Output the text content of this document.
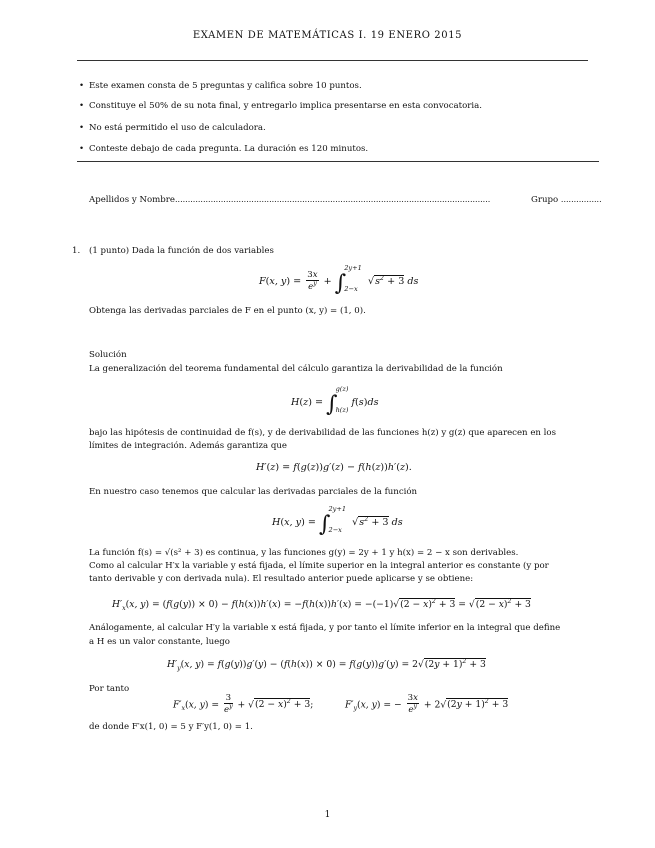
EXAMEN DE MATEMÁTICAS I. 19 ENERO 2015
• Este examen consta de 5 preguntas y califica sobre 10 puntos.
• Constituye el 50% de su nota final, y entregarlo implica presentarse en esta convocatoria.
• No está permitido el uso de calculadora.
• Conteste debajo de cada pregunta. La duración es 120 minutos.
Apellidos y Nombre............................................................................................................................	Grupo ................
1. (1 punto) Dada la función de dos variables
F(x, $y) = \frac{3x}{e^y}$ + ∫
2y+1
2−x
$√s^2 + 3$ ds
Obtenga las derivadas parciales de F en el punto (x, y) = (1, 0).
Solución
La generalización del teorema fundamental del cálculo garantiza la derivabilidad de la función
H(z) = ∫
g(z)
h(z)
f(s)ds
bajo las hipótesis de continuidad de f(s), y de derivabilidad de las funciones h(z) y g(z) que aparecen en los
límites de integración. Además garantiza que
H′(z) = f(g(z))g′(z) − f(h(z))h′(z).
En nuestro caso tenemos que calcular las derivadas parciales de la función
H(x, y) = ∫
2y+1
2−x
$√s^2 + 3$ ds
La función f(s) = √(s² + 3) es continua, y las funciones g(y) = 2y + 1 y h(x) = 2 − x son derivables.
Como al calcular H′x la variable y está fijada, el límite superior en la integral anterior es constante (y por
tanto derivable y con derivada nula). El resultado anterior puede aplicarse y se obtiene:
$H'_x(x$, $y) = (f(g(y)) \times 0) - f(h(x))h'(x) = -f(h(x))h'(x) = -(-1)√(2 - x)^2 + 3 = √(2 - x)^2 + 3$
Análogamente, al calcular H′y la variable x está fijada, y por tanto el límite inferior en la integral que define
a H es un valor constante, luego
$H'_y(x$, $y) = f(g(y))g'(y) - (f(h(x)) \times 0) = f(g(y))g'(y) = 2√(2y + 1)^2 + 3$
Por tanto
$F'_x(x$, $y) = \frac{3}{e^y} + √(2 - x)^2 + 3$;	$F'_y(x$, y) = − $\frac{3x}{e^y} + 2√(2y + 1)^2 + 3$
de donde F′x(1, 0) = 5 y F′y(1, 0) = 1.
1
